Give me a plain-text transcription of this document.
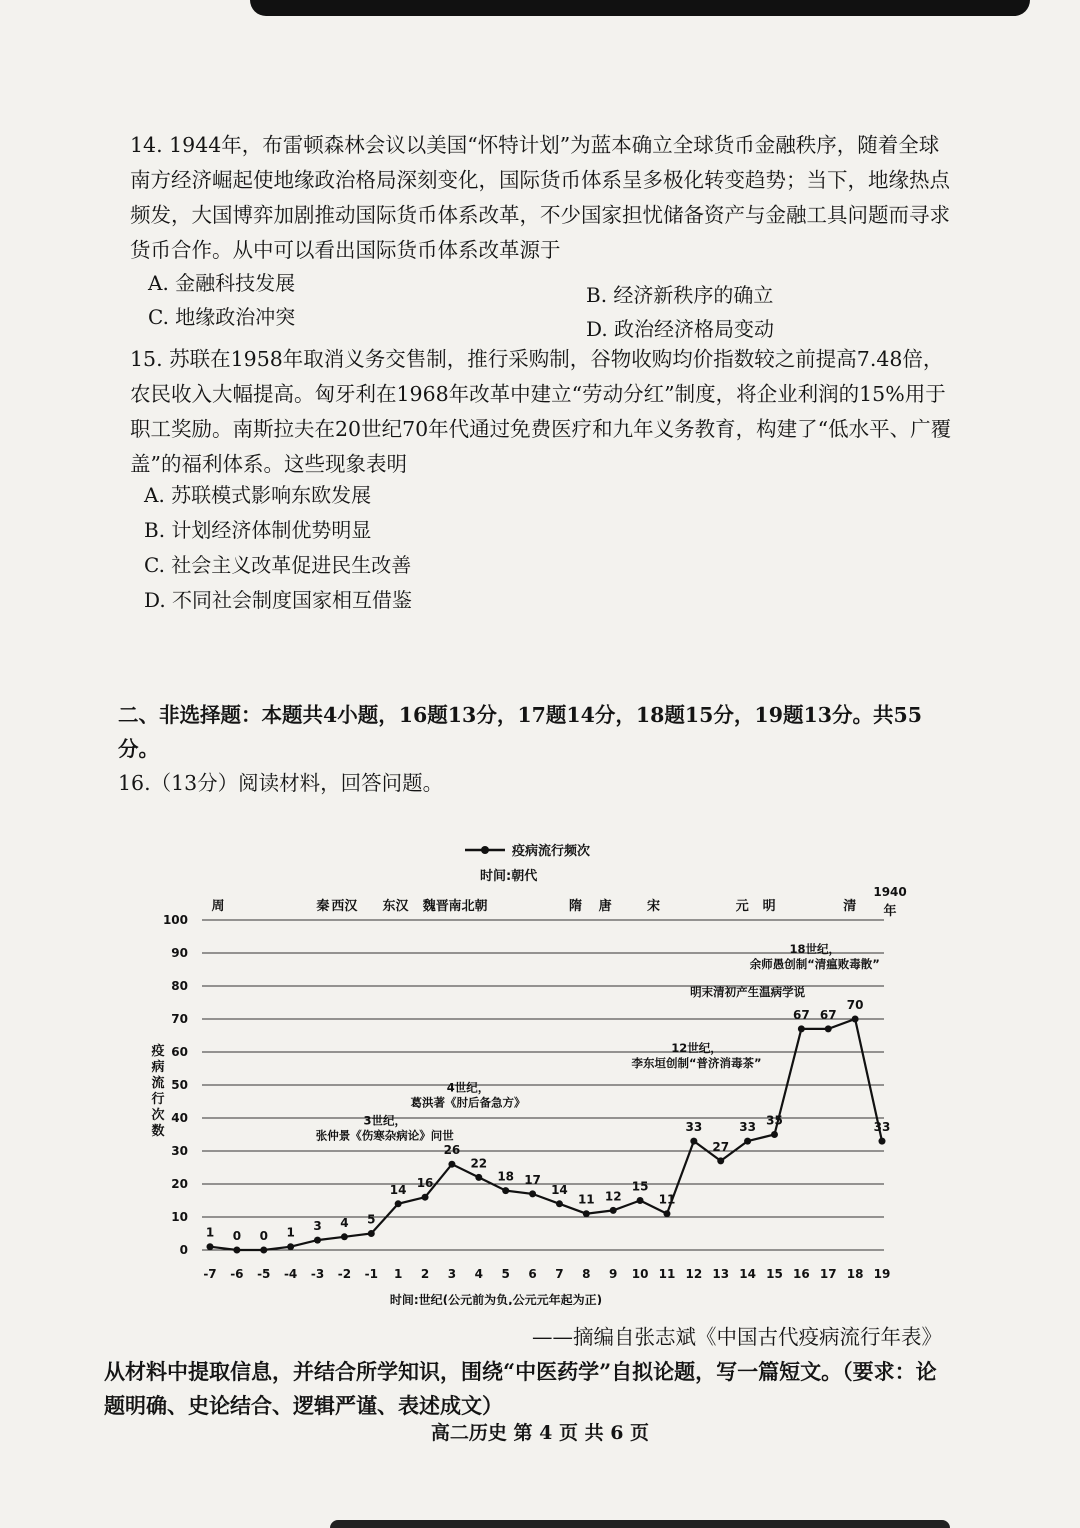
14. 1944年，布雷顿森林会议以美国“怀特计划”为蓝本确立全球货币金融秩序，随着全球南方经济崛起使地缘政治格局深刻变化，国际货币体系呈多极化转变趋势；当下，地缘热点频发，大国博弈加剧推动国际货币体系改革，不少国家担忧储备资产与金融工具问题而寻求货币合作。从中可以看出国际货币体系改革源于
A. 金融科技发展	B. 经济新秩序的确立
C. 地缘政治冲突	D. 政治经济格局变动
15. 苏联在1958年取消义务交售制，推行采购制，谷物收购均价指数较之前提高7.48倍，农民收入大幅提高。匈牙利在1968年改革中建立“劳动分红”制度，将企业利润的15%用于职工奖励。南斯拉夫在20世纪70年代通过免费医疗和九年义务教育，构建了“低水平、广覆盖”的福利体系。这些现象表明
A. 苏联模式影响东欧发展
B. 计划经济体制优势明显
C. 社会主义改革促进民生改善
D. 不同社会制度国家相互借鉴
二、非选择题：本题共4小题，16题13分，17题14分，18题15分，19题13分。共55分。
16.（13分）阅读材料，回答问题。
疫病流行频次
时间:朝代
周	秦 西汉 东汉 魏晋 南北朝	隋 唐	宋	元 明	清
1940
年
0
10
20
30
40
50
60
70
80
90
100
疫
病
流
行
次
数
-7 -6 -5 -4 -3 -2 -1 1 2 3 4 5 6 7 8 9 10 11 12 13 14 15 16 17 18 19
时间:世纪(公元前为负,公元元年起为正)
1 0 0 1 3 4 5
14 16
26
22
18 17
14
11 12
15
11
33
27
33 35
67 67
70
33
3世纪，
张仲景《伤寒杂病论》问世
4世纪，
葛洪著《肘后备急方》
12世纪，
李东垣创制“普济消毒茶”
明末清初产生温病学说
18世纪，
余师愚创制“清瘟败毒散”
——摘编自张志斌《中国古代疫病流行年表》
从材料中提取信息，并结合所学知识，围绕“中医药学”自拟论题，写一篇短文。（要求：论题明确、史论结合、逻辑严谨、表述成文）
高二历史 第 4 页 共 6 页
